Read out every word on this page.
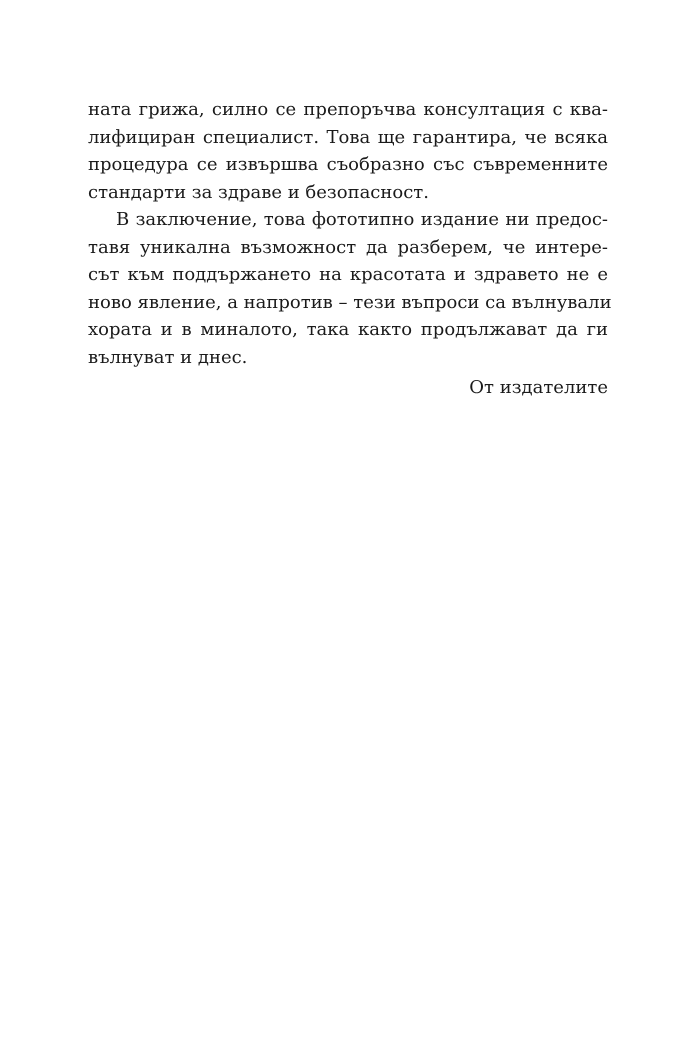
ната грижа, силно се препоръчва консултация с ква-
лифициран специалист. Това ще гарантира, че всяка
процедура се извършва съобразно със съвременните
стандарти за здраве и безопасност.
В заключение, това фототипно издание ни предос-
тавя уникална възможност да разберем, че интере-
сът към поддържането на красотата и здравето не е
ново явление, а напротив – тези въпроси са вълнували
хората и в миналото, така както продължават да ги
вълнуват и днес.
От издателите
